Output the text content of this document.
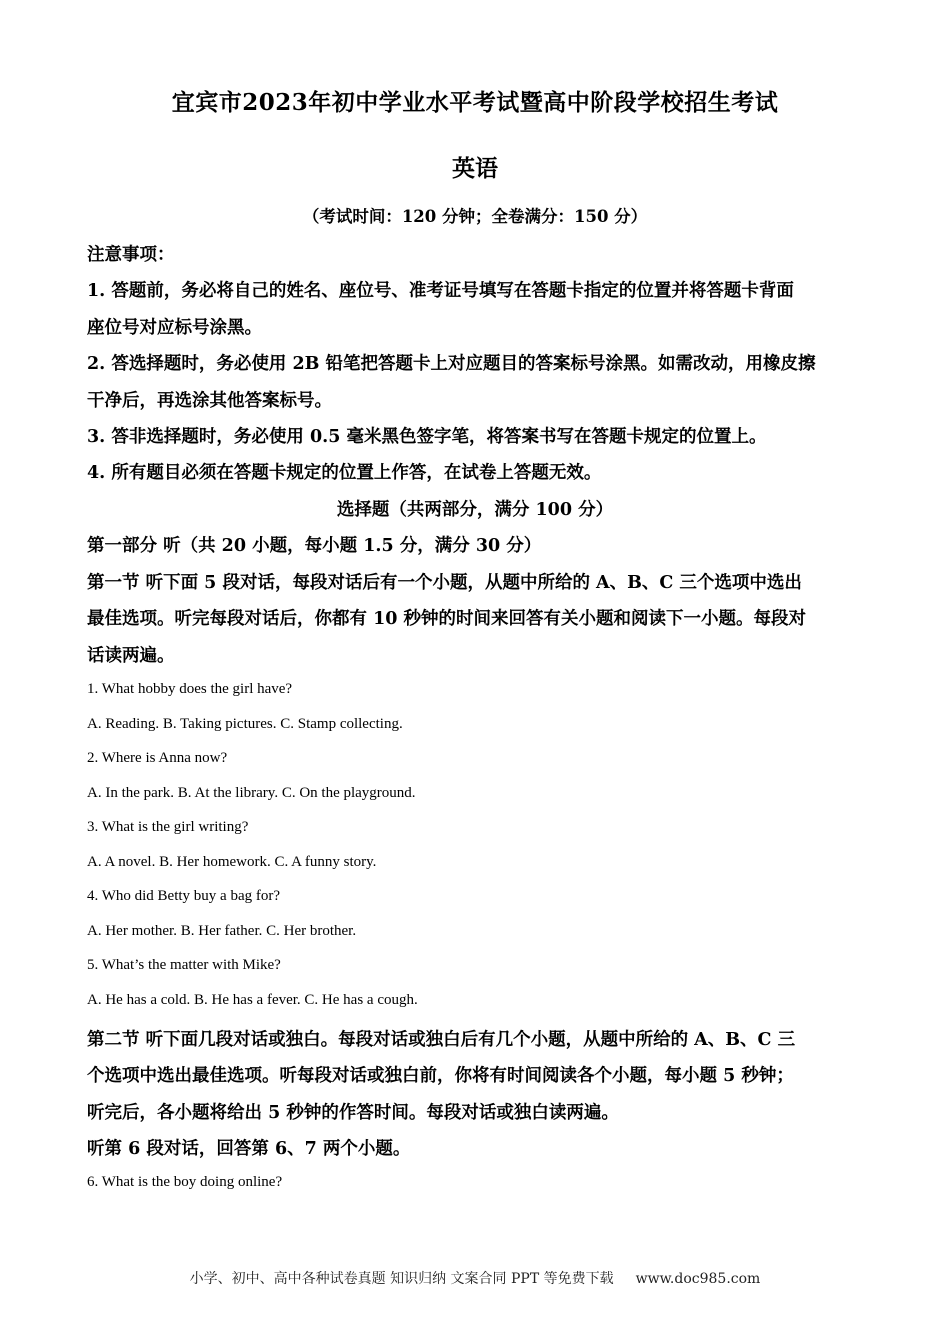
宜宾市2023年初中学业水平考试暨高中阶段学校招生考试
英语
（考试时间：120 分钟；全卷满分：150 分）
注意事项：
1. 答题前，务必将自己的姓名、座位号、准考证号填写在答题卡指定的位置并将答题卡背面
座位号对应标号涂黑。
2. 答选择题时，务必使用 2B 铅笔把答题卡上对应题目的答案标号涂黑。如需改动，用橡皮擦
干净后，再选涂其他答案标号。
3. 答非选择题时，务必使用 0.5 毫米黑色签字笔，将答案书写在答题卡规定的位置上。
4. 所有题目必须在答题卡规定的位置上作答，在试卷上答题无效。
选择题（共两部分，满分 100 分）
第一部分 听（共 20 小题，每小题 1.5 分，满分 30 分）
第一节 听下面 5 段对话，每段对话后有一个小题，从题中所给的 A、B、C 三个选项中选出
最佳选项。听完每段对话后，你都有 10 秒钟的时间来回答有关小题和阅读下一小题。每段对
话读两遍。
1. What hobby does the girl have?
A. Reading. B. Taking pictures. C. Stamp collecting.
2. Where is Anna now?
A. In the park. B. At the library. C. On the playground.
3. What is the girl writing?
A. A novel. B. Her homework. C. A funny story.
4. Who did Betty buy a bag for?
A. Her mother. B. Her father. C. Her brother.
5. What’s the matter with Mike?
A. He has a cold. B. He has a fever. C. He has a cough.
第二节 听下面几段对话或独白。每段对话或独白后有几个小题，从题中所给的 A、B、C 三
个选项中选出最佳选项。听每段对话或独白前，你将有时间阅读各个小题，每小题 5 秒钟；
听完后，各小题将给出 5 秒钟的作答时间。每段对话或独白读两遍。
听第 6 段对话，回答第 6、7 两个小题。
6. What is the boy doing online?
小学、初中、高中各种试卷真题 知识归纳 文案合同 PPT 等免费下载 www.doc985.com
